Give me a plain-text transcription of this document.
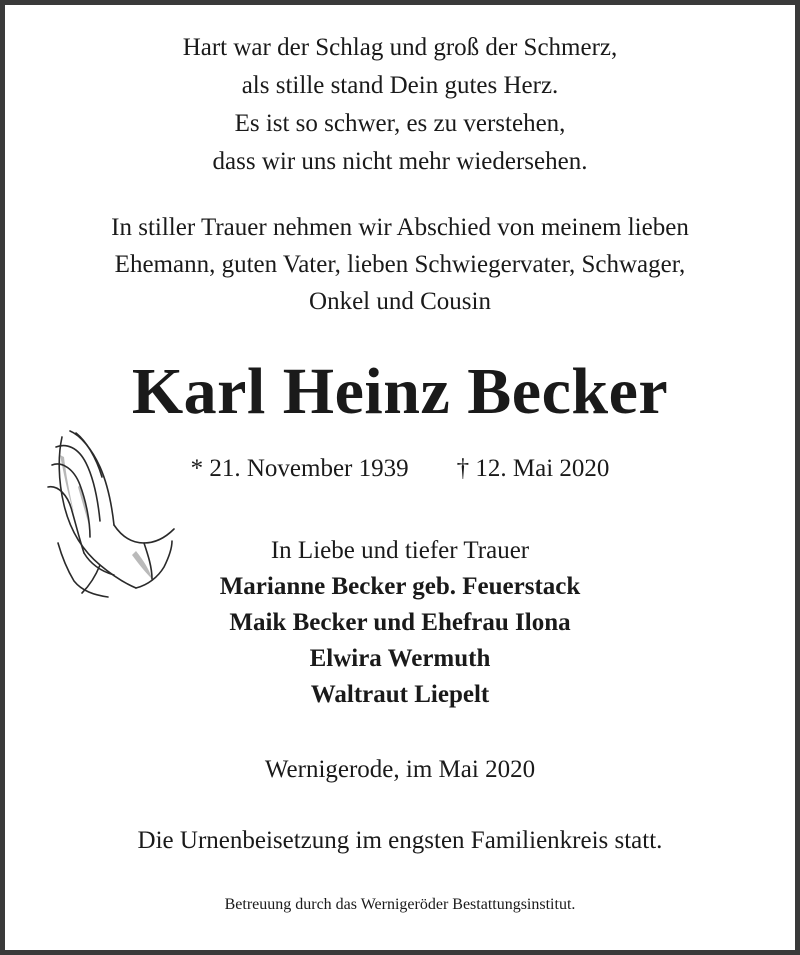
Hart war der Schlag und groß der Schmerz,
als stille stand Dein gutes Herz.
Es ist so schwer, es zu verstehen,
dass wir uns nicht mehr wiedersehen.
In stiller Trauer nehmen wir Abschied von meinem lieben
Ehemann, guten Vater, lieben Schwiegervater, Schwager,
Onkel und Cousin
Karl Heinz Becker
* 21. November 1939 † 12. Mai 2020
In Liebe und tiefer Trauer
Marianne Becker geb. Feuerstack
Maik Becker und Ehefrau Ilona
Elwira Wermuth
Waltraut Liepelt
Wernigerode, im Mai 2020
Die Urnenbeisetzung im engsten Familienkreis statt.
Betreuung durch das Wernigeröder Bestattungsinstitut.
